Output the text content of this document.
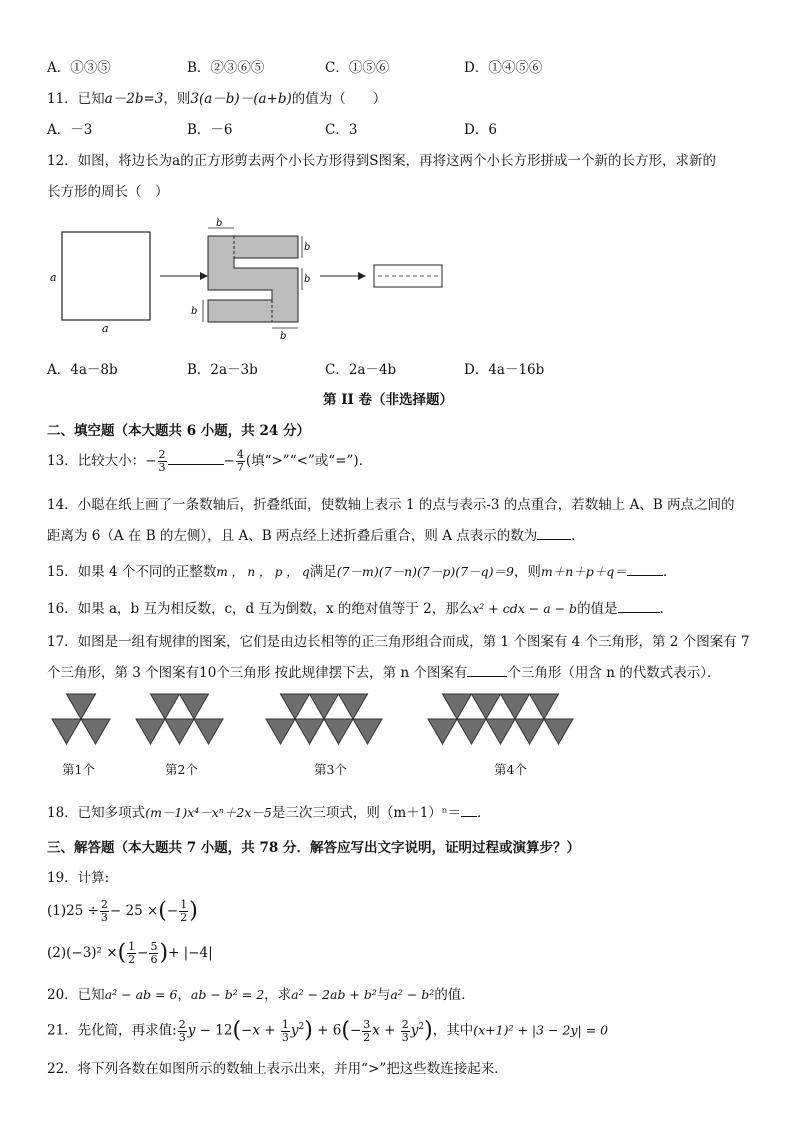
A．①③⑤	B．②③⑥⑤	C．①⑤⑥	D．①④⑤⑥
11．已知a－2b=3，则3(a－b)－(a+b)的值为（　　）
A．－3	B．－6	C．3	D．6
12．如图，将边长为a的正方形剪去两个小长方形得到S图案，再将这两个小长方形拼成一个新的长方形，求新的
长方形的周长（　）
a
a
b
b
b
b
b
A．4a－8b	B．2a－3b	C．2a－4b	D．4a－16b
第 II 卷（非选择题）
二、填空题（本大题共 6 小题，共 24 分）
13．比较大小：− $\frac{2}{3}$	− $\frac{4}{7}$ (填“>”“<”或“=”)．
14．小聪在纸上画了一条数轴后，折叠纸面，使数轴上表示 1 的点与表示-3 的点重合，若数轴上 A、B 两点之间的
距离为 6（A 在 B 的左侧），且 A、B 两点经上述折叠后重合，则 A 点表示的数为	．
15．如果 4 个不同的正整数m ， n ， p ， q满足(7－m)(7－n)(7－p)(7－q)＝9，则m＋n＋p＋q＝	．
16．如果 a，b 互为相反数，c，d 互为倒数，x 的绝对值等于 2，那么x² + cdx − a − b的值是	．
17．如图是一组有规律的图案，它们是由边长相等的正三角形组合而成，第 1 个图案有 4 个三角形，第 2 个图案有 7
个三角形，第 3 个图案有10个三角形 按此规律摆下去，第 n 个图案有	个三角形（用含 n 的代数式表示）．
第1个	第2个	第3个	第4个
18．已知多项式(m－1)x⁴－xⁿ＋2x－5是三次三项式，则（m＋1）ⁿ＝ ．
三、解答题（本大题共 7 小题，共 78 分．解答应写出文字说明，证明过程或演算步？）
19．计算:
$(1)25 \div \frac{2}{3} - 25$ ×(− $\frac{1}{2}$ )
(2)(−3)² ×( $\frac{1}{2} - \frac{5}{6}$ )+ |−4|
20．已知a² − ab = 6，ab − b² = 2，求a² − 2ab + b²与a² − b²的值．
21．先化简，再求值: $\frac{2}{3}$ $y - 12(-x + \frac{1}{3} y^2) + 6(- \frac{3}{2}$ $x + \frac{2}{3} y^2$)，其中(x+1)² + |3 − 2y| = 0
22．将下列各数在如图所示的数轴上表示出来，并用“>”把这些数连接起来．
